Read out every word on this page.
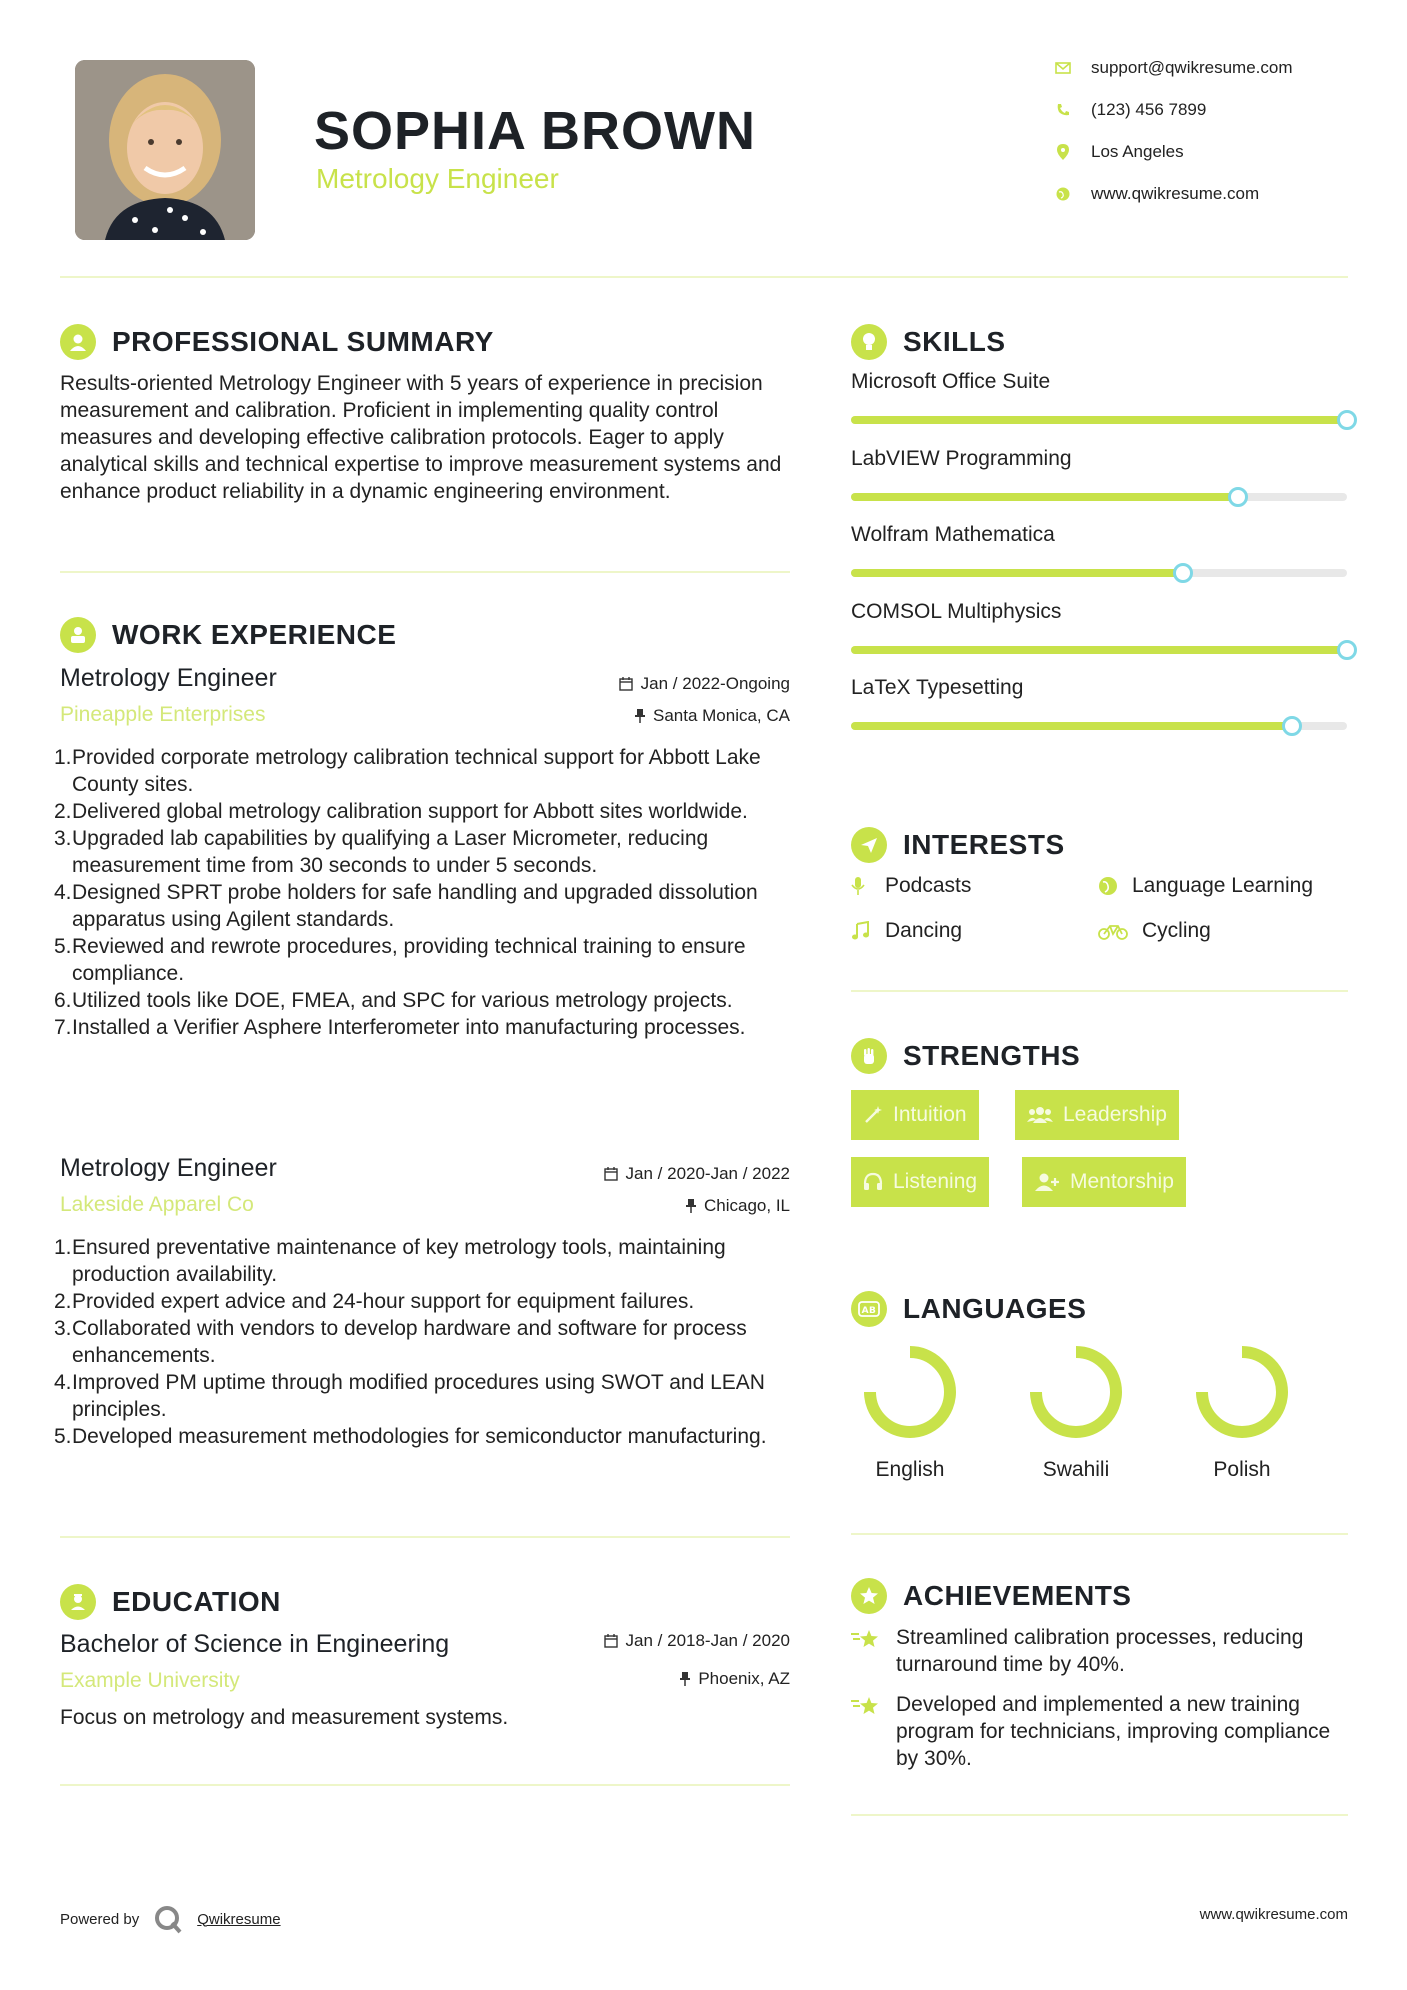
SOPHIA BROWN
Metrology Engineer
support@qwikresume.com
(123) 456 7899
Los Angeles
www.qwikresume.com
PROFESSIONAL SUMMARY
Results-oriented Metrology Engineer with 5 years of experience in precision measurement and calibration. Proficient in implementing quality control measures and developing effective calibration protocols. Eager to apply analytical skills and technical expertise to improve measurement systems and enhance product reliability in a dynamic engineering environment.
WORK EXPERIENCE
Metrology Engineer
Pineapple Enterprises
Jan / 2022-Ongoing
Santa Monica, CA
1. Provided corporate metrology calibration technical support for Abbott Lake County sites.
2. Delivered global metrology calibration support for Abbott sites worldwide.
3. Upgraded lab capabilities by qualifying a Laser Micrometer, reducing measurement time from 30 seconds to under 5 seconds.
4. Designed SPRT probe holders for safe handling and upgraded dissolution apparatus using Agilent standards.
5. Reviewed and rewrote procedures, providing technical training to ensure compliance.
6. Utilized tools like DOE, FMEA, and SPC for various metrology projects.
7. Installed a Verifier Asphere Interferometer into manufacturing processes.
Metrology Engineer
Lakeside Apparel Co
Jan / 2020-Jan / 2022
Chicago, IL
1. Ensured preventative maintenance of key metrology tools, maintaining production availability.
2. Provided expert advice and 24-hour support for equipment failures.
3. Collaborated with vendors to develop hardware and software for process enhancements.
4. Improved PM uptime through modified procedures using SWOT and LEAN principles.
5. Developed measurement methodologies for semiconductor manufacturing.
EDUCATION
Bachelor of Science in Engineering
Example University
Jan / 2018-Jan / 2020
Phoenix, AZ
Focus on metrology and measurement systems.
SKILLS
Microsoft Office Suite
LabVIEW Programming
Wolfram Mathematica
COMSOL Multiphysics
LaTeX Typesetting
INTERESTS
Podcasts	Language Learning
Dancing	Cycling
STRENGTHS
Intuition	Leadership
Listening	Mentorship
AB LANGUAGES
English	Swahili	Polish
ACHIEVEMENTS
Streamlined calibration processes, reducing turnaround time by 40%.
Developed and implemented a new training program for technicians, improving compliance by 30%.
Powered by	Qwikresume	www.qwikresume.com
